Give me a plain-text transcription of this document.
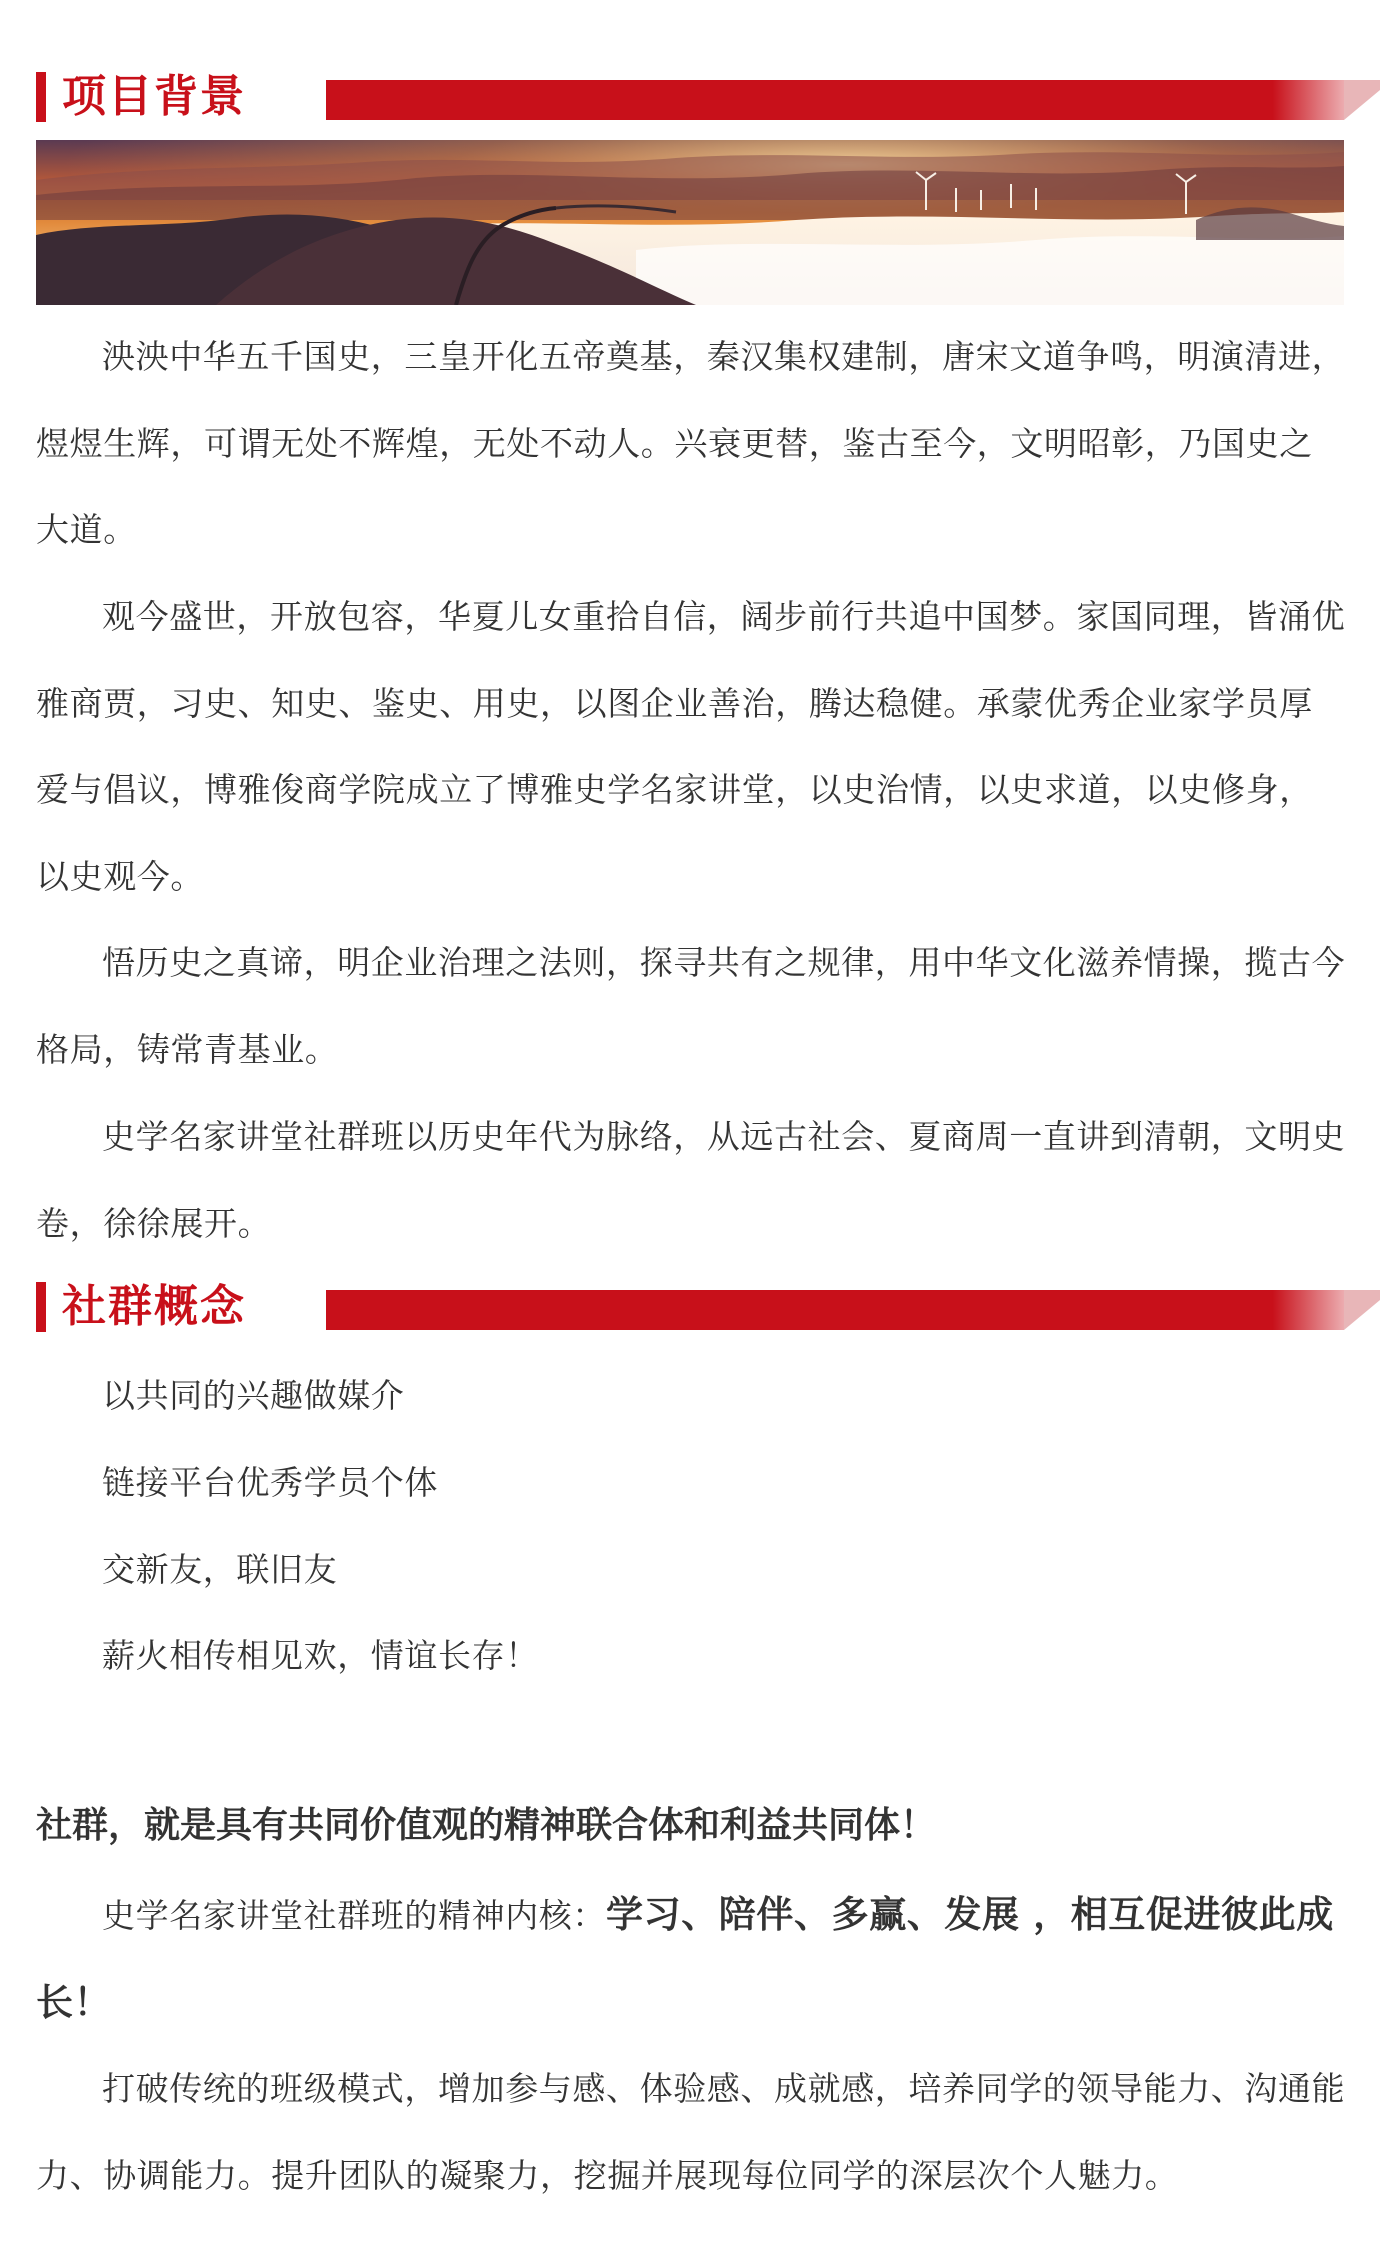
项目背景

泱泱中华五千国史，三皇开化五帝奠基，秦汉集权建制，唐宋文道争鸣，明演清进，煜煜生辉，可谓无处不辉煌，无处不动人。兴衰更替，鉴古至今，文明昭彰，乃国史之大道。

观今盛世，开放包容，华夏儿女重拾自信，阔步前行共追中国梦。家国同理，皆涌优雅商贾，习史、知史、鉴史、用史，以图企业善治，腾达稳健。承蒙优秀企业家学员厚爱与倡议，博雅俊商学院成立了博雅史学名家讲堂，以史治情，以史求道，以史修身，以史观今。

悟历史之真谛，明企业治理之法则，探寻共有之规律，用中华文化滋养情操，揽古今格局，铸常青基业。

史学名家讲堂社群班以历史年代为脉络，从远古社会、夏商周一直讲到清朝，文明史卷，徐徐展开。

社群概念
以共同的兴趣做媒介
链接平台优秀学员个体
交新友，联旧友
薪火相传相见欢，情谊长存！
社群，就是具有共同价值观的精神联合体和利益共同体！

史学名家讲堂社群班的精神内核：学习、陪伴、多赢、发展 ，相互促进彼此成长！

打破传统的班级模式，增加参与感、体验感、成就感，培养同学的领导能力、沟通能力、协调能力。提升团队的凝聚力，挖掘并展现每位同学的深层次个人魅力。
